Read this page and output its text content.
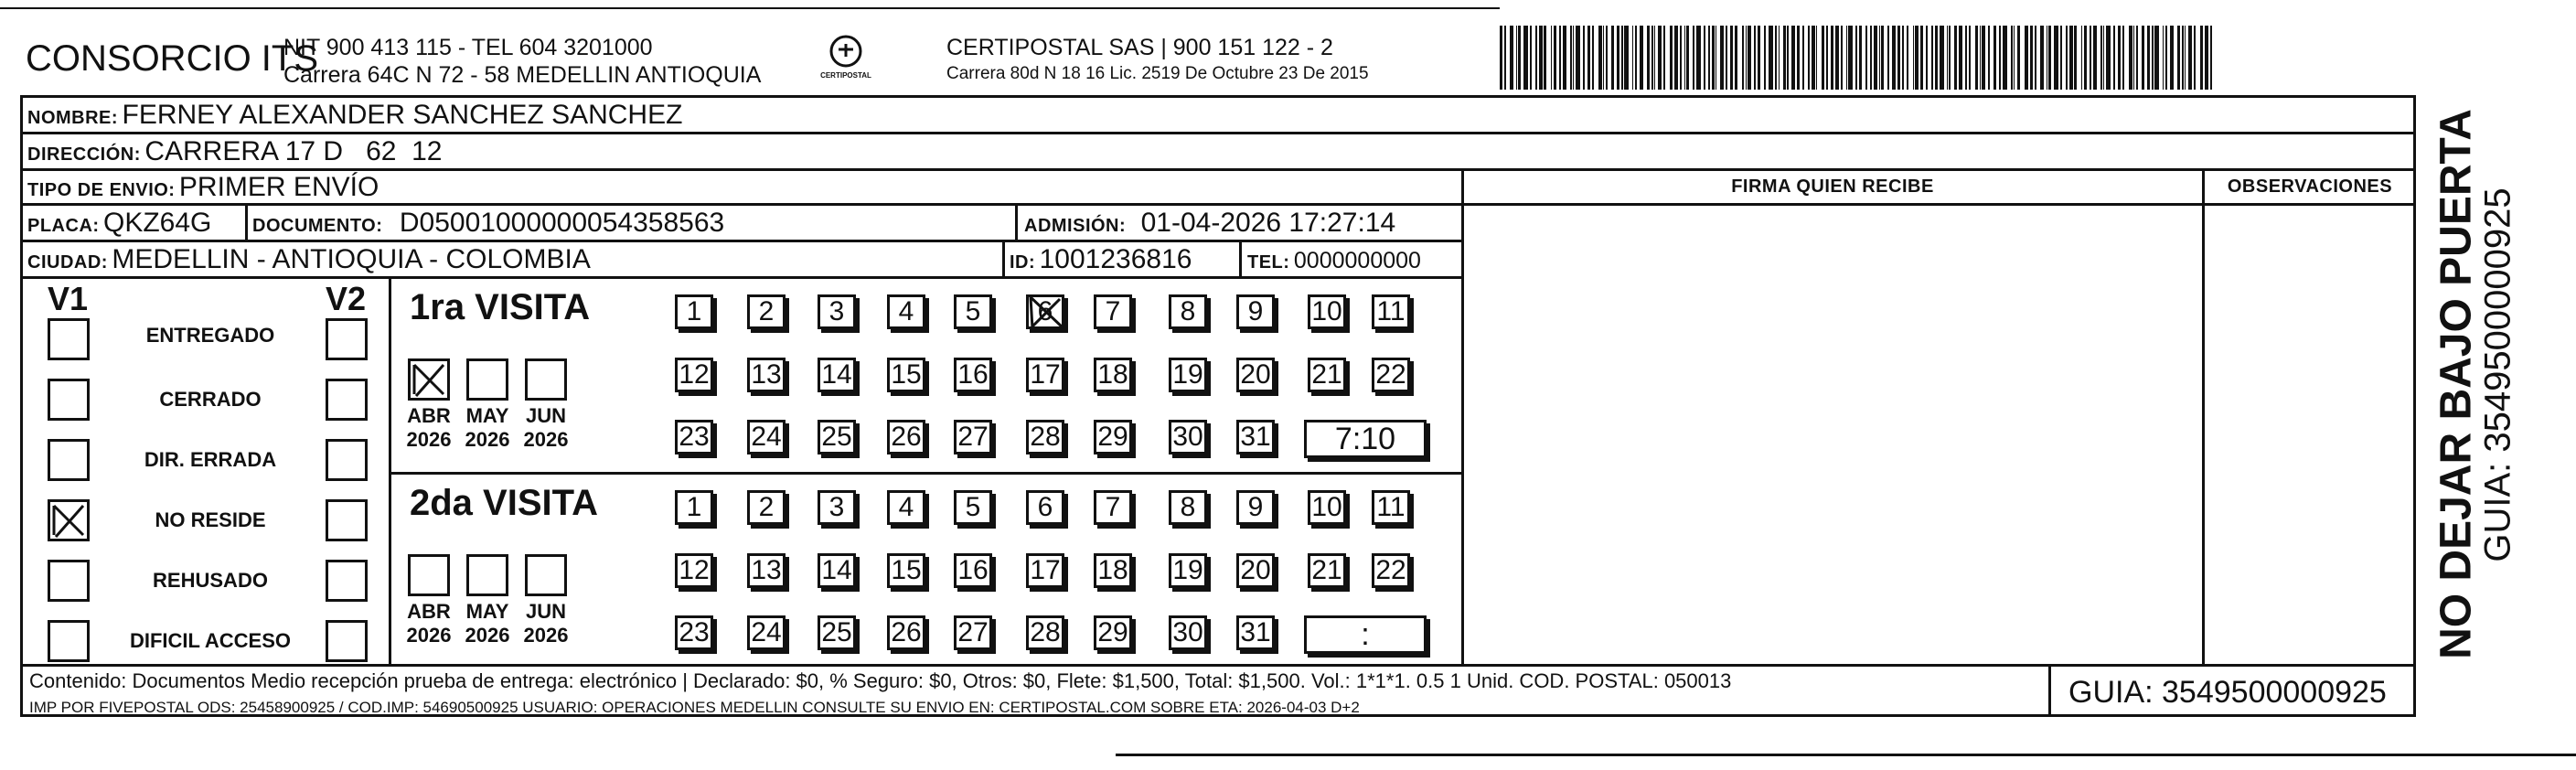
CONSORCIO ITS
NIT 900 413 115 - TEL 604 3201000
Carrera 64C N 72 - 58 MEDELLIN ANTIOQUIA	CERTIPOSTAL
CERTIPOSTAL SAS | 900 151 122 - 2
Carrera 80d N 18 16 Lic. 2519 De Octubre 23 De 2015
NOMBRE: FERNEY ALEXANDER SANCHEZ SANCHEZ
DIRECCIÓN: CARRERA 17 D   62  12
TIPO DE ENVIO: PRIMER ENVÍO
PLACA: QKZ64G DOCUMENTO: D05001000000054358563	ADMISIÓN: 01-04-2026 17:27:14
CIUDAD: MEDELLIN - ANTIOQUIA - COLOMBIA	ID: 1001236816	TEL: 0000000000
FIRMA QUIEN RECIBE	OBSERVACIONES
V1	V2
Contenido: Documentos Medio recepción prueba de entrega: electrónico | Declarado: $0, % Seguro: $0, Otros: $0, Flete: $1,500, Total: $1,500. Vol.: 1*1*1. 0.5 1 Unid. COD. POSTAL: 050013
IMP POR FIVEPOSTAL ODS: 25458900925 / COD.IMP: 54690500925 USUARIO: OPERACIONES MEDELLIN CONSULTE SU ENVIO EN: CERTIPOSTAL.COM SOBRE ETA: 2026-04-03 D+2	GUIA: 3549500000925
NO DEJAR BAJO PUERTA
GUIA: 3549500000925
ENTREGADO
CERRADO
DIR. ERRADA
NO RESIDE
REHUSADO
DIFICIL ACCESO
1ra VISITA
ABR
2026
MAY
2026
JUN
2026
1	2	3	4	5	6	7	8	9	10 11
12 13 14 15 16 17 18 19 20 21 22
23 24 25 26 27 28 29 30 31	7:10
2da VISITA
ABR
2026
MAY
2026
JUN
2026
1	2	3	4	5	6	7	8	9	10 11
12 13 14 15 16 17 18 19 20 21 22
23 24 25 26 27 28 29 30 31	:
